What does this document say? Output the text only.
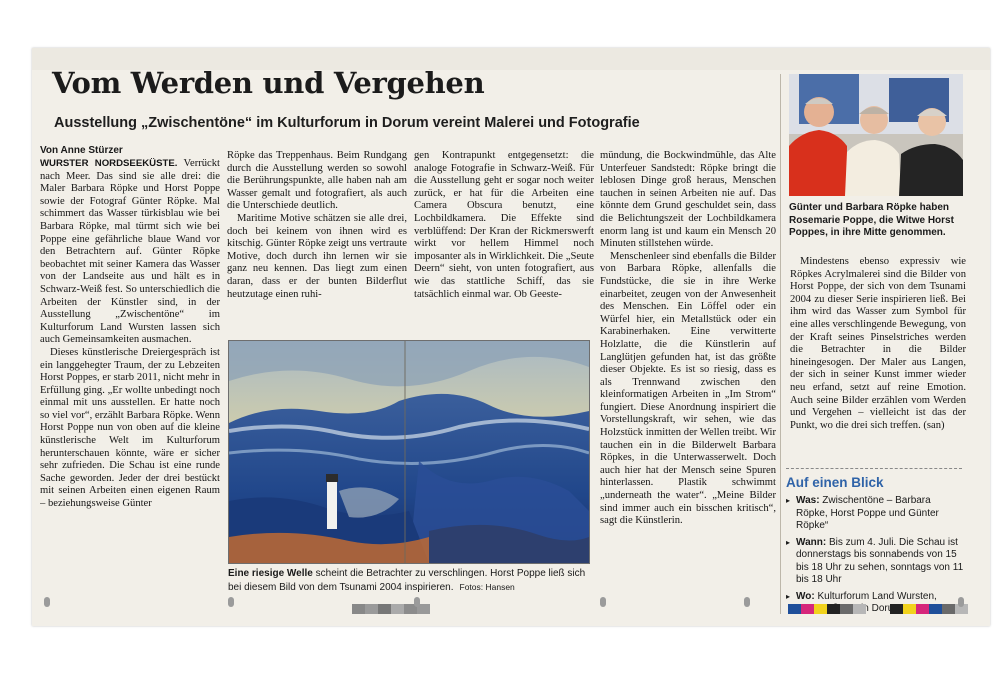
Vom Werden und Vergehen
Ausstellung „Zwischentöne“ im Kulturforum in Dorum vereint Malerei und Fotografie
Von Anne Stürzer

WURSTER NORDSEEKÜSTE. Verrückt nach Meer. Das sind sie alle drei: die Maler Barbara Röpke und Horst Poppe sowie der Fotograf Günter Röpke. Mal schimmert das Wasser türkisblau wie bei Barbara Röpke, mal türmt sich wie bei Poppe eine gefährliche blaue Wand vor den Betrachtern auf. Günter Röpke beobachtet mit seiner Kamera das Wasser von der Landseite aus und hält es in Schwarz-Weiß fest. So unterschiedlich die Arbeiten der Künstler sind, in der Ausstellung „Zwischentöne“ im Kulturforum Land Wursten lassen sich auch Gemeinsamkeiten ausmachen.

Dieses künstlerische Dreiergespräch ist ein langgehegter Traum, der zu Lebzeiten Horst Poppes, er starb 2011, nicht mehr in Erfüllung ging. „Er wollte unbedingt noch einmal mit uns ausstellen. Er hatte noch so viel vor“, erzählt Barbara Röpke. Wenn Horst Poppe nun von oben auf die kleine künstlerische Welt im Kulturforum herunterschauen könnte, wäre er sicher sehr zufrieden. Die Schau ist eine runde Sache geworden. Jeder der drei bestückt mit seinen Arbeiten einen eigenen Raum – beziehungsweise Günter

Röpke das Treppenhaus. Beim Rundgang durch die Ausstellung werden so sowohl die Berührungspunkte, alle haben nah am Wasser gemalt und fotografiert, als auch die Unterschiede deutlich.

Maritime Motive schätzen sie alle drei, doch bei keinem von ihnen wird es kitschig. Günter Röpke zeigt uns vertraute Motive, doch durch ihn lernen wir sie ganz neu kennen. Das liegt zum einen daran, dass er der bunten Bilderflut heutzutage einen ruhi-

gen Kontrapunkt entgegensetzt: die analoge Fotografie in Schwarz-Weiß. Für die Ausstellung geht er sogar noch weiter zurück, er hat für die Arbeiten eine Camera Obscura benutzt, eine Lochbildkamera. Die Effekte sind verblüffend: Der Kran der Rickmerswerft wirkt vor hellem Himmel noch imposanter als in Wirklichkeit. Die „Seute Deern“ sieht, von unten fotografiert, aus wie das stattliche Schiff, das sie tatsächlich einmal war. Ob Geeste-

mündung, die Bockwindmühle, das Alte Unterfeuer Sandstedt: Röpke bringt die leblosen Dinge groß heraus, Menschen tauchen in seinen Arbeiten nie auf. Das könnte dem Grund geschuldet sein, dass die Belichtungszeit der Lochbildkamera enorm lang ist und kaum ein Mensch 20 Minuten stillstehen würde.

Menschenleer sind ebenfalls die Bilder von Barbara Röpke, allenfalls die Fundstücke, die sie in ihre Werke einarbeitet, zeugen von der Anwesenheit des Menschen. Ein Löffel oder ein Würfel hier, ein Metallstück oder ein Karabinerhaken. Eine verwitterte Holzlatte, die die Künstlerin auf Langlütjen gefunden hat, ist das größte dieser Objekte. Es ist so riesig, dass es als Trennwand zwischen den kleinformatigen Arbeiten in „Im Strom“ fungiert. Diese Anordnung inspiriert die Vorstellungskraft, wir sehen, wie das Holzstück inmitten der Wellen treibt. Wir tauchen ein in die Bilderwelt Barbara Röpkes, in die Unterwasserwelt. Doch auch hier hat der Mensch seine Spuren hinterlassen. Plastik schwimmt „underneath the water“. „Meine Bilder sind immer auch ein bisschen kritisch“, sagt die Künstlerin.

Mindestens ebenso expressiv wie Röpkes Acrylmalerei sind die Bilder von Horst Poppe, der sich von dem Tsunami 2004 zu dieser Serie inspirieren ließ. Bei ihm wird das Wasser zum Symbol für eine alles verschlingende Bewegung, von der Kraft seines Pinselstriches werden die Betrachter in die Bilder hineingesogen. Der Maler aus Langen, der sich in seiner Kunst immer wieder neu erfand, setzt auf reine Emotion. Auch seine Bilder erzählen vom Werden und Vergehen – vielleicht ist das der Punkt, wo die drei sich treffen. (san)

Eine riesige Welle scheint die Betrachter zu verschlingen. Horst Poppe ließ sich bei diesem Bild von dem Tsunami 2004 inspirieren. Fotos: Hansen
Günter und Barbara Röpke haben Rosemarie Poppe, die Witwe Horst Poppes, in ihre Mitte genommen.
Auf einen Blick
▸ Was: Zwischentöne – Barbara Röpke, Horst Poppe und Günter Röpke“
▸ Wann: Bis zum 4. Juli. Die Schau ist donnerstags bis sonnabends von 15 bis 18 Uhr zu sehen, sonntags von 11 bis 18 Uhr
▸ Wo: Kulturforum Land Wursten, Dorum
